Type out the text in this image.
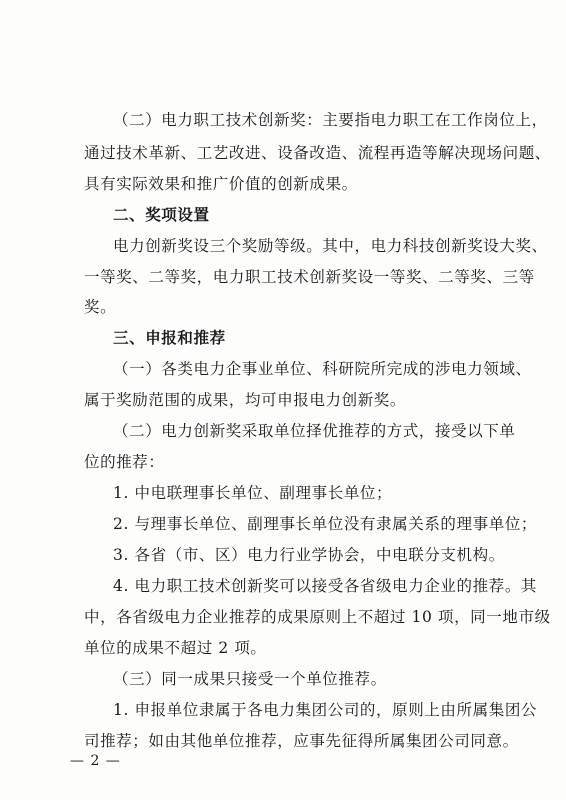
（二）电力职工技术创新奖：主要指电力职工在工作岗位上，
通过技术革新、工艺改进、设备改造、流程再造等解决现场问题、
具有实际效果和推广价值的创新成果。
二、奖项设置
电力创新奖设三个奖励等级。其中，电力科技创新奖设大奖、
一等奖、二等奖，电力职工技术创新奖设一等奖、二等奖、三等
奖。
三、申报和推荐
（一）各类电力企事业单位、科研院所完成的涉电力领域、
属于奖励范围的成果，均可申报电力创新奖。
（二）电力创新奖采取单位择优推荐的方式，接受以下单
位的推荐：
1. 中电联理事长单位、副理事长单位；
2. 与理事长单位、副理事长单位没有隶属关系的理事单位；
3. 各省（市、区）电力行业学协会，中电联分支机构。
4. 电力职工技术创新奖可以接受各省级电力企业的推荐。其
中，各省级电力企业推荐的成果原则上不超过 10 项，同一地市级
单位的成果不超过 2 项。
（三）同一成果只接受一个单位推荐。
1. 申报单位隶属于各电力集团公司的，原则上由所属集团公
司推荐；如由其他单位推荐，应事先征得所属集团公司同意。
— 2 —
